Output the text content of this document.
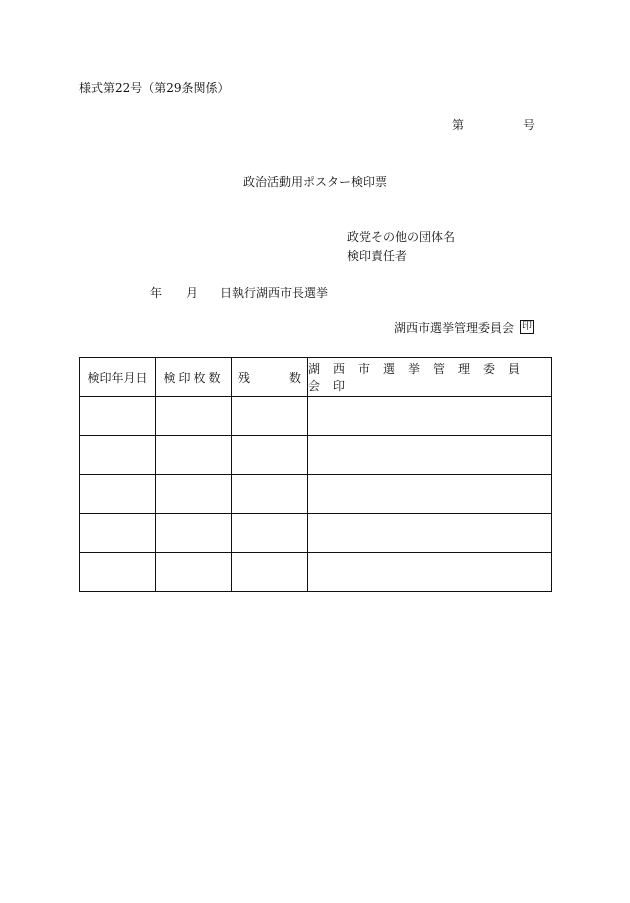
様式第22号（第29条関係）
第	号
政治活動用ポスター検印票
政党その他の団体名
検印責任者
年 月 日執行湖西市長選挙
湖西市選挙管理委員会 印
検印年月日	検印枚数	残 数	湖西市選挙管理委員会印
